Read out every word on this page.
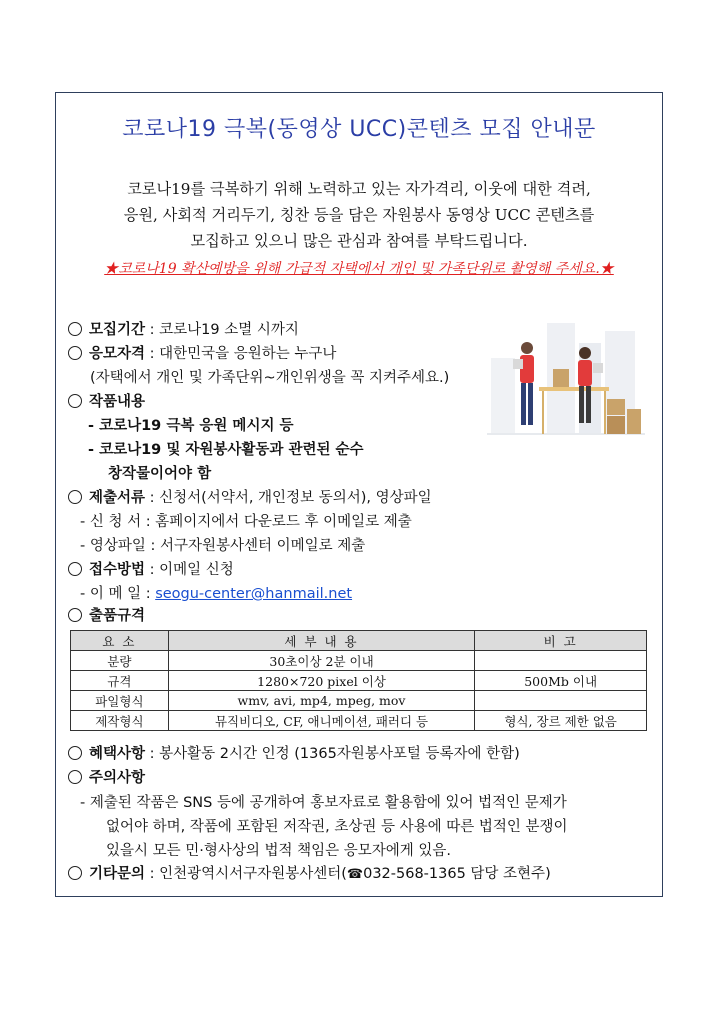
코로나19 극복(동영상 UCC)콘텐츠 모집 안내문
코로나19를 극복하기 위해 노력하고 있는 자가격리, 이웃에 대한 격려,
응원, 사회적 거리두기, 칭찬 등을 담은 자원봉사 동영상 UCC 콘텐츠를
모집하고 있으니 많은 관심과 참여를 부탁드립니다.
★코로나19 확산예방을 위해 가급적 자택에서 개인 및 가족단위로 촬영해 주세요.★
모집기간 : 코로나19 소멸 시까지
응모자격 : 대한민국을 응원하는 누구나
(자택에서 개인 및 가족단위~개인위생을 꼭 지켜주세요.)
작품내용
- 코로나19 극복 응원 메시지 등
- 코로나19 및 자원봉사활동과 관련된 순수
창작물이어야 함
제출서류 : 신청서(서약서, 개인정보 동의서), 영상파일
- 신 청 서 : 홈페이지에서 다운로드 후 이메일로 제출
- 영상파일 : 서구자원봉사센터 이메일로 제출
접수방법 : 이메일 신청
- 이 메 일 : seogu-center@hanmail.net
출품규격
요 소	세 부 내 용	비 고
분량	30초이상 2분 이내	
규격	1280×720 pixel 이상	500Mb 이내
파일형식	wmv, avi, mp4, mpeg, mov	
제작형식	뮤직비디오, CF, 애니메이션, 패러디 등	형식, 장르 제한 없음
혜택사항 : 봉사활동 2시간 인정 (1365자원봉사포털 등록자에 한함)
주의사항
- 제출된 작품은 SNS 등에 공개하여 홍보자료로 활용함에 있어 법적인 문제가
없어야 하며, 작품에 포함된 저작권, 초상권 등 사용에 따른 법적인 분쟁이
있을시 모든 민·형사상의 법적 책임은 응모자에게 있음.
기타문의 : 인천광역시서구자원봉사센터(☎032-568-1365 담당 조현주)
